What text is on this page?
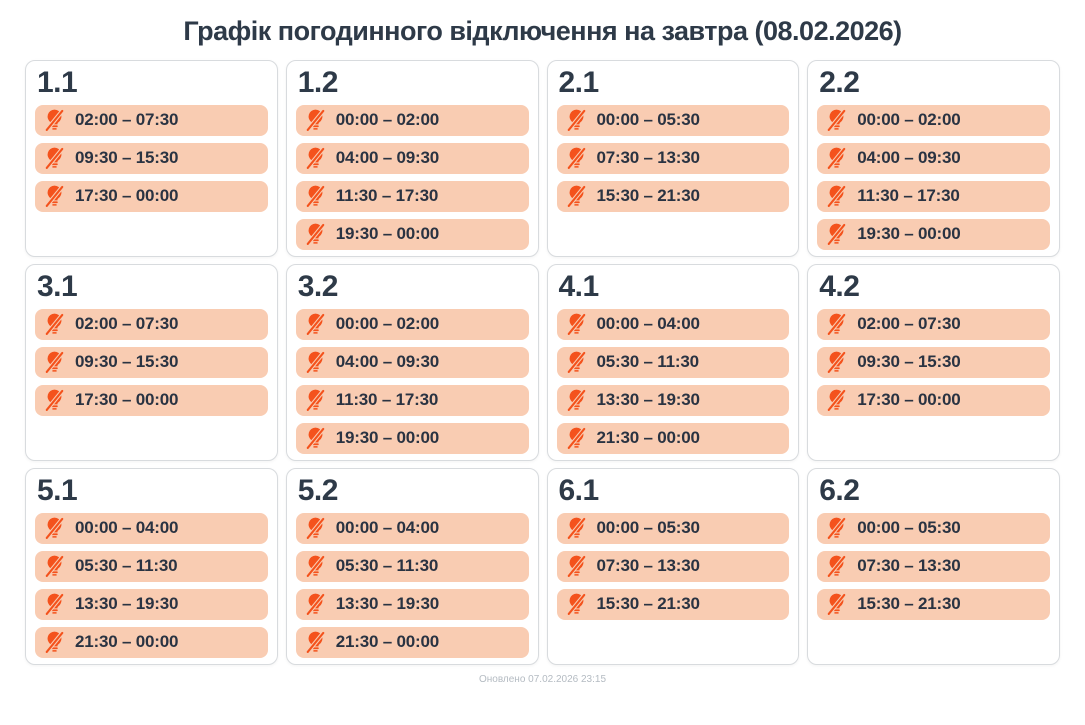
Графік погодинного відключення на завтра (08.02.2026)
1.1
02:00 – 07:30
09:30 – 15:30
17:30 – 00:00
1.2
00:00 – 02:00
04:00 – 09:30
11:30 – 17:30
19:30 – 00:00
2.1
00:00 – 05:30
07:30 – 13:30
15:30 – 21:30
2.2
00:00 – 02:00
04:00 – 09:30
11:30 – 17:30
19:30 – 00:00
3.1
02:00 – 07:30
09:30 – 15:30
17:30 – 00:00
3.2
00:00 – 02:00
04:00 – 09:30
11:30 – 17:30
19:30 – 00:00
4.1
00:00 – 04:00
05:30 – 11:30
13:30 – 19:30
21:30 – 00:00
4.2
02:00 – 07:30
09:30 – 15:30
17:30 – 00:00
5.1
00:00 – 04:00
05:30 – 11:30
13:30 – 19:30
21:30 – 00:00
5.2
00:00 – 04:00
05:30 – 11:30
13:30 – 19:30
21:30 – 00:00
6.1
00:00 – 05:30
07:30 – 13:30
15:30 – 21:30
6.2
00:00 – 05:30
07:30 – 13:30
15:30 – 21:30
Оновлено 07.02.2026 23:15
